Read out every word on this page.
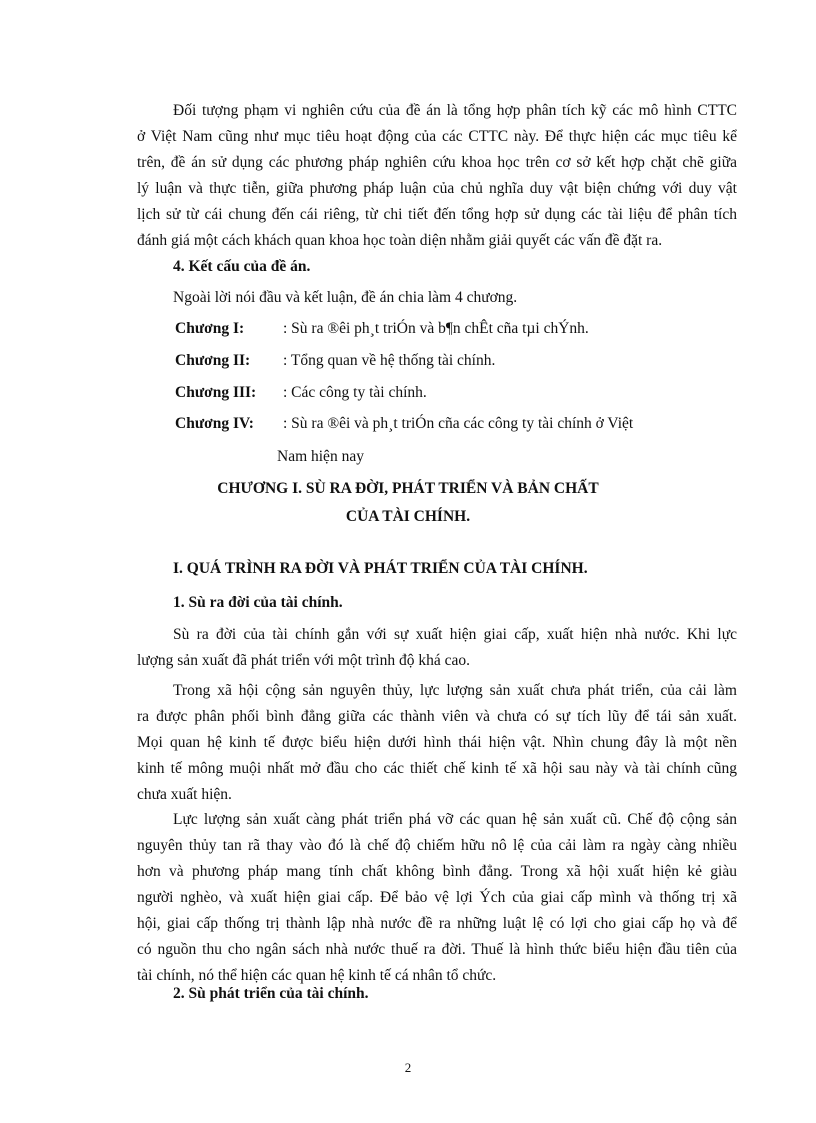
Đối tượng phạm vi nghiên cứu của đề án là tổng hợp phân tích kỹ các mô hình CTTC
ở Việt Nam cũng như mục tiêu hoạt động của các CTTC này. Để thực hiện các mục tiêu kể
trên, đề án sử dụng các phương pháp nghiên cứu khoa học trên cơ sở kết hợp chặt chẽ giữa
lý luận và thực tiễn, giữa phương pháp luận của chủ nghĩa duy vật biện chứng với duy vật
lịch sử từ cái chung đến cái riêng, từ chi tiết đến tổng hợp sử dụng các tài liệu để phân tích
đánh giá một cách khách quan khoa học toàn diện nhằm giải quyết các vấn đề đặt ra.

4. Kết cấu của đề án.

Ngoài lời nói đầu và kết luận, đề án chia làm 4 chương.

Chương I:	: Sù ra ®êi ph¸t triÓn và b¶n chÊt cña tµi chÝnh.
Chương II: : Tổng quan về hệ thống tài chính.
Chương III: : Các công ty tài chính.
Chương IV: : Sù ra ®êi và ph¸t triÓn cña các công ty tài chính ở Việt
Nam hiện nay

CHƯƠNG I. SÙ RA ĐỜI, PHÁT TRIỂN VÀ BẢN CHẤT

CỦA TÀI CHÍNH.

I. QUÁ TRÌNH RA ĐỜI VÀ PHÁT TRIỂN CỦA TÀI CHÍNH.

1. Sù ra đời của tài chính.

Sù ra đời của tài chính gắn với sự xuất hiện giai cấp, xuất hiện nhà nước. Khi lực
lượng sản xuất đã phát triển với một trình độ khá cao.
Trong xã hội cộng sản nguyên thủy, lực lượng sản xuất chưa phát triển, của cải làm
ra được phân phối bình đẳng giữa các thành viên và chưa có sự tích lũy để tái sản xuất.
Mọi quan hệ kinh tế được biểu hiện dưới hình thái hiện vật. Nhìn chung đây là một nền
kinh tế mông muội nhất mở đầu cho các thiết chế kinh tế xã hội sau này và tài chính cũng
chưa xuất hiện.
Lực lượng sản xuất càng phát triển phá vỡ các quan hệ sản xuất cũ. Chế độ cộng sản
nguyên thủy tan rã thay vào đó là chế độ chiếm hữu nô lệ của cải làm ra ngày càng nhiều
hơn và phương pháp mang tính chất không bình đẳng. Trong xã hội xuất hiện kẻ giàu
người nghèo, và xuất hiện giai cấp. Để bảo vệ lợi Ých của giai cấp mình và thống trị xã
hội, giai cấp thống trị thành lập nhà nước đề ra những luật lệ có lợi cho giai cấp họ và để
có nguồn thu cho ngân sách nhà nước thuế ra đời. Thuế là hình thức biểu hiện đầu tiên của
tài chính, nó thể hiện các quan hệ kinh tế cá nhân tổ chức.

2. Sù phát triển của tài chính.

2
